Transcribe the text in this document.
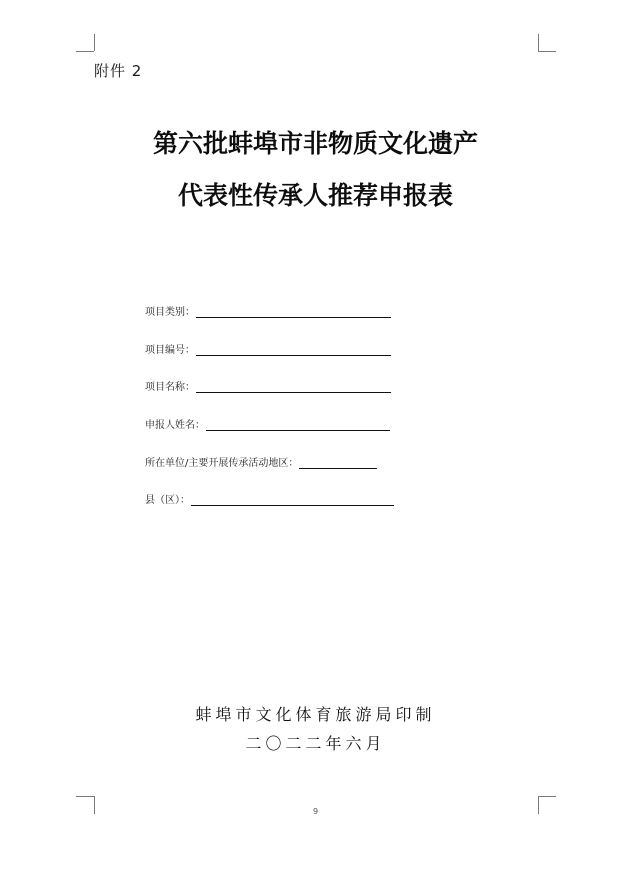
附件 2
第六批蚌埠市非物质文化遗产
代表性传承人推荐申报表
项目类别：
项目编号：
项目名称：
申报人姓名：
所在单位/主要开展传承活动地区：
县（区）：
蚌埠市文化体育旅游局印制
二〇二二年六月
9
